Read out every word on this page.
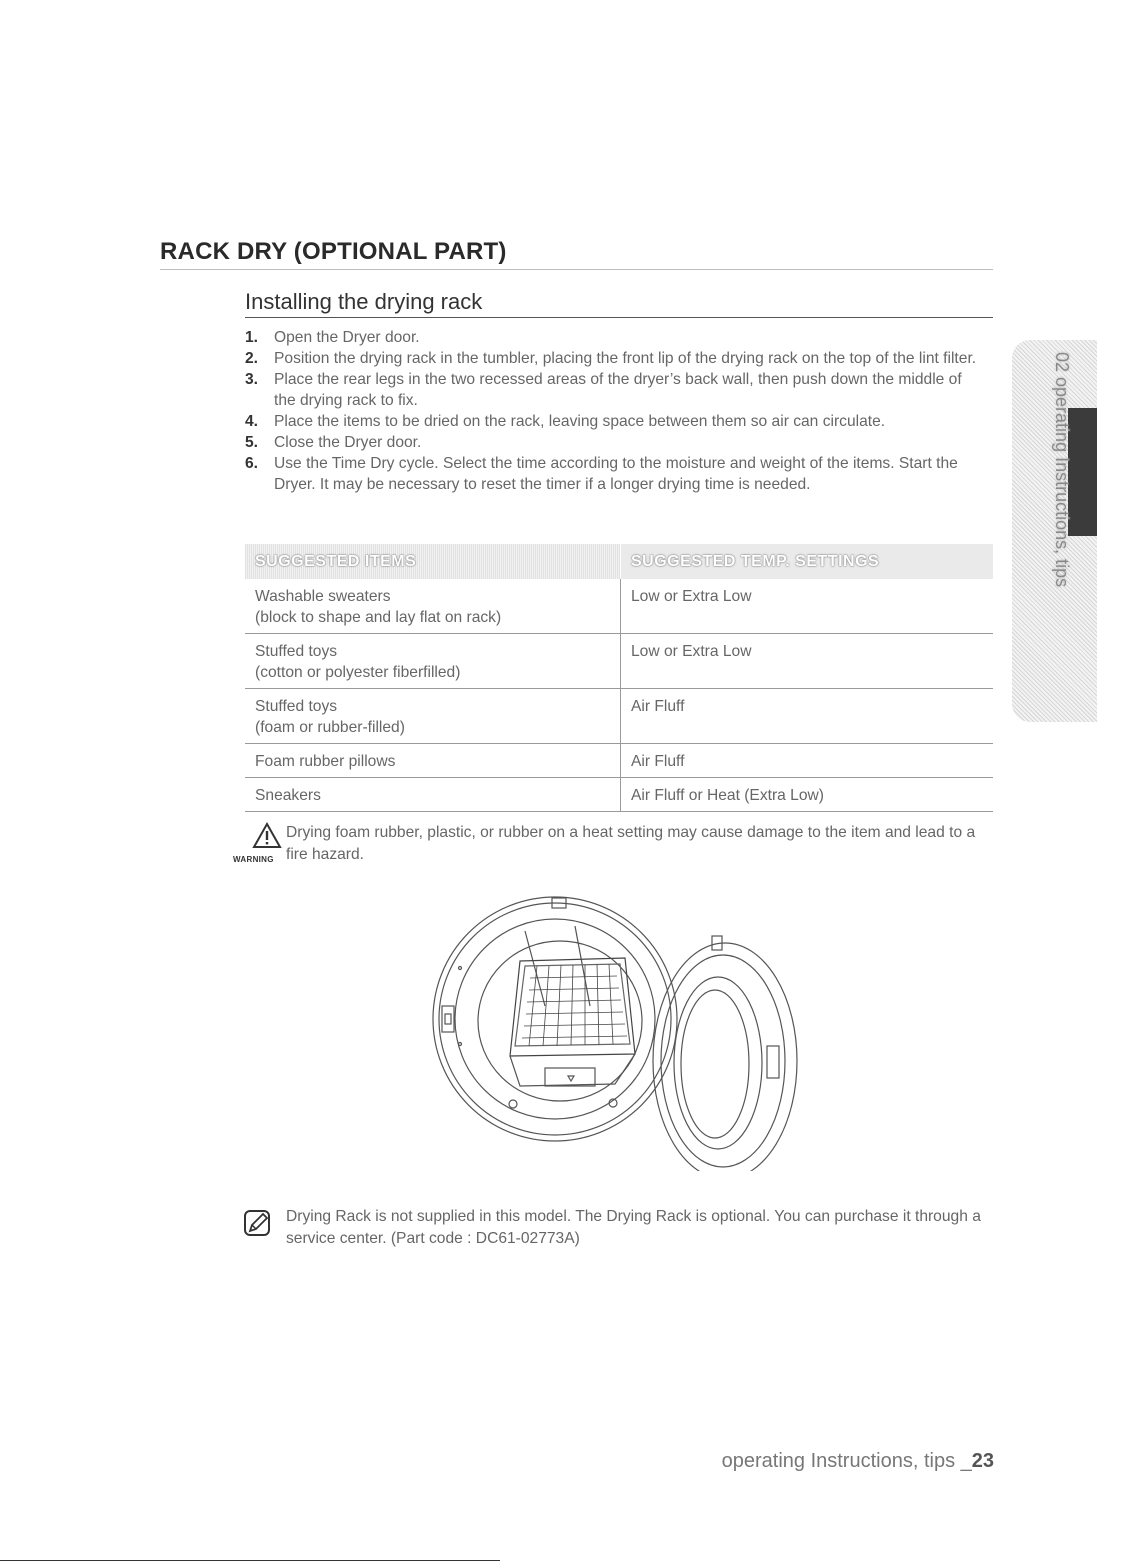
RACK DRY (OPTIONAL PART)
Installing the drying rack
1. Open the Dryer door.
2. Position the drying rack in the tumbler, placing the front lip of the drying rack on the top of the lint filter.
3. Place the rear legs in the two recessed areas of the dryer’s back wall, then push down the middle of the drying rack to fix.
4. Place the items to be dried on the rack, leaving space between them so air can circulate.
5. Close the Dryer door.
6. Use the Time Dry cycle. Select the time according to the moisture and weight of the items. Start the Dryer. It may be necessary to reset the timer if a longer drying time is needed.
SUGGESTED ITEMS	SUGGESTED TEMP. SETTINGS
Washable sweaters
(block to shape and lay flat on rack)	Low or Extra Low
Stuffed toys
(cotton or polyester fiberfilled)	Low or Extra Low
Stuffed toys
(foam or rubber-filled)	Air Fluff
Foam rubber pillows	Air Fluff
Sneakers	Air Fluff or Heat (Extra Low)
WARNING
Drying foam rubber, plastic, or rubber on a heat setting may cause damage to the item and lead to a fire hazard.
Drying Rack is not supplied in this model. The Drying Rack is optional. You can purchase it through a service center. (Part code : DC61-02773A)
operating Instructions, tips _23
02 operating Instructions, tips
